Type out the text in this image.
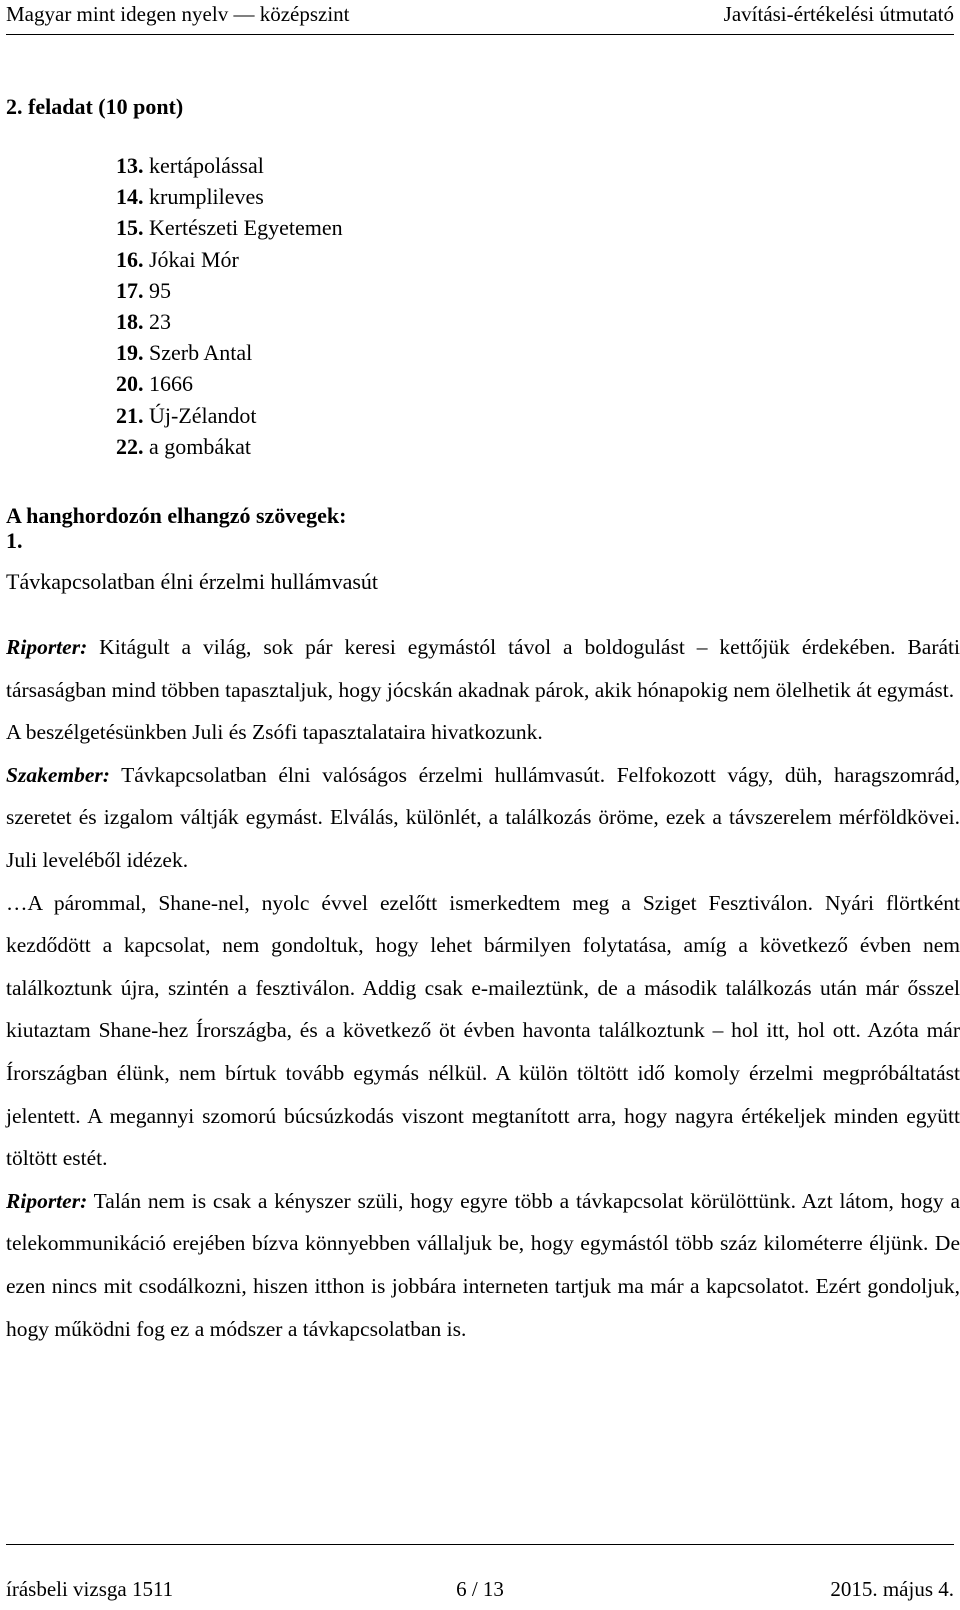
Magyar mint idegen nyelv — középszint	Javítási-értékelési útmutató
2. feladat (10 pont)
13. kertápolással
14. krumplileves
15. Kertészeti Egyetemen
16. Jókai Mór
17. 95
18. 23
19. Szerb Antal
20. 1666
21. Új-Zélandot
22. a gombákat
A hanghordozón elhangzó szövegek:
1.
Távkapcsolatban élni érzelmi hullámvasút

Riporter: Kitágult a világ, sok pár keresi egymástól távol a boldogulást – kettőjük érdekében. Baráti társaságban mind többen tapasztaljuk, hogy jócskán akadnak párok, akik hónapokig nem ölelhetik át egymást.

A beszélgetésünkben Juli és Zsófi tapasztalataira hivatkozunk.

Szakember: Távkapcsolatban élni valóságos érzelmi hullámvasút. Felfokozott vágy, düh, haragszomrád, szeretet és izgalom váltják egymást. Elválás, különlét, a találkozás öröme, ezek a távszerelem mérföldkövei. Juli leveléből idézek.

…A párommal, Shane-nel, nyolc évvel ezelőtt ismerkedtem meg a Sziget Fesztiválon. Nyári flörtként kezdődött a kapcsolat, nem gondoltuk, hogy lehet bármilyen folytatása, amíg a következő évben nem találkoztunk újra, szintén a fesztiválon. Addig csak e-maileztünk, de a második találkozás után már ősszel kiutaztam Shane-hez Írországba, és a következő öt évben havonta találkoztunk – hol itt, hol ott. Azóta már Írországban élünk, nem bírtuk tovább egymás nélkül. A külön töltött idő komoly érzelmi megpróbáltatást jelentett. A megannyi szomorú búcsúzkodás viszont megtanított arra, hogy nagyra értékeljek minden együtt töltött estét.

Riporter: Talán nem is csak a kényszer szüli, hogy egyre több a távkapcsolat körülöttünk. Azt látom, hogy a telekommunikáció erejében bízva könnyebben vállaljuk be, hogy egymástól több száz kilométerre éljünk. De ezen nincs mit csodálkozni, hiszen itthon is jobbára interneten tartjuk ma már a kapcsolatot. Ezért gondoljuk, hogy működni fog ez a módszer a távkapcsolatban is.

6 / 13
írásbeli vizsga 1511	2015. május 4.
